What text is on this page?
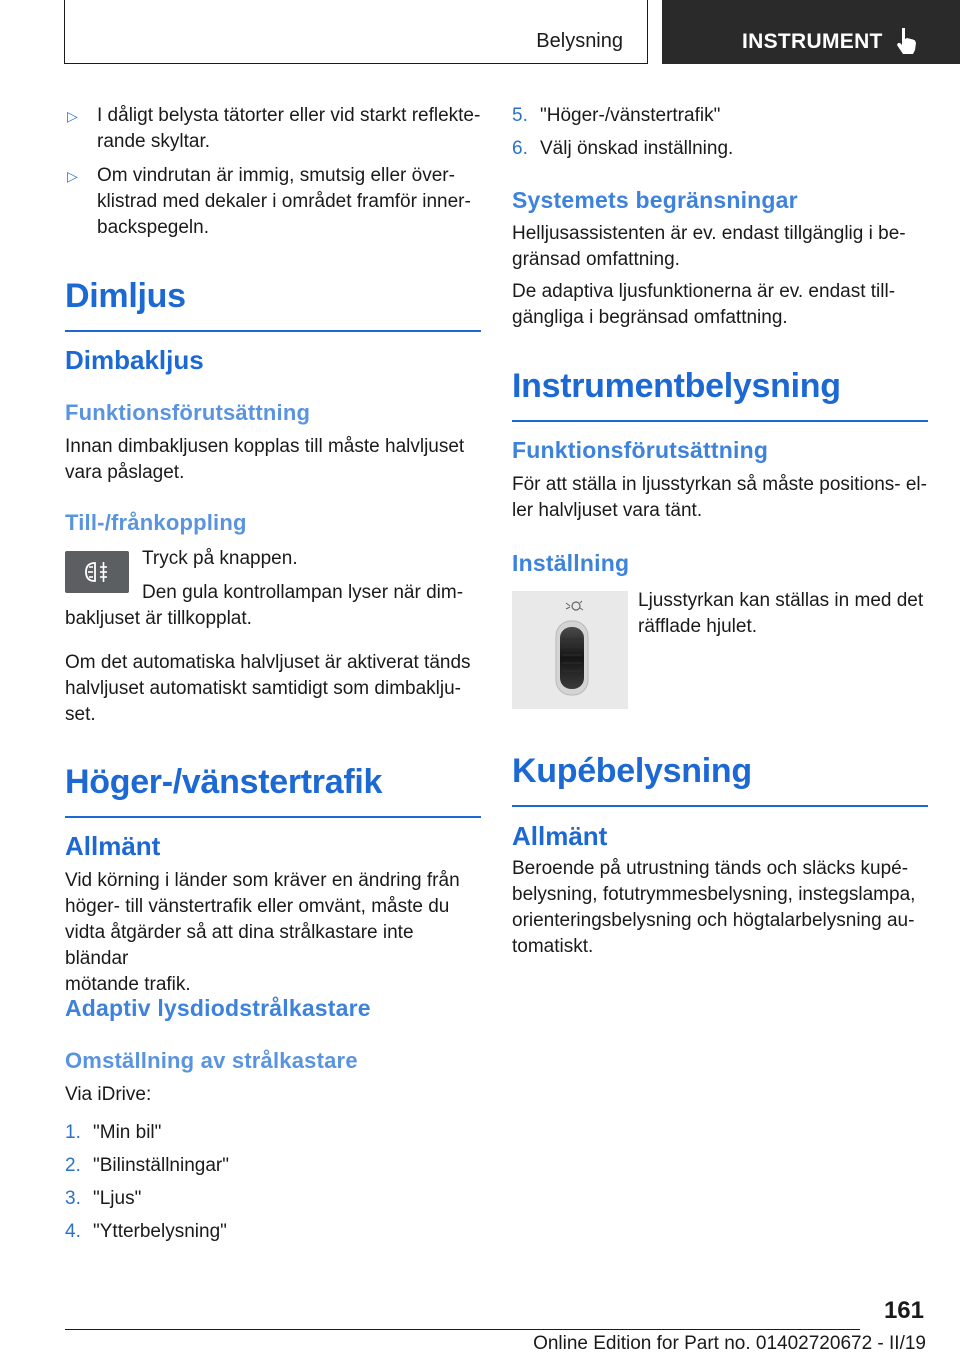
Belysning	INSTRUMENT
▷	I dåligt belysta tätorter eller vid starkt reflekte-
rande skyltar.
▷	Om vindrutan är immig, smutsig eller över-
klistrad med dekaler i området framför inner-
backspegeln.

Dimljus

Dimbakljus

Funktionsförutsättning

Innan dimbakljusen kopplas till måste halvljuset
vara påslaget.

Till-/frånkoppling

Tryck på knappen.

Den gula kontrollampan lyser när dim-

bakljuset är tillkopplat.

Om det automatiska halvljuset är aktiverat tänds
halvljuset automatiskt samtidigt som dimbaklju-
set.

Höger-/vänstertrafik

Allmänt

Vid körning i länder som kräver en ändring från
höger- till vänstertrafik eller omvänt, måste du
vidta åtgärder så att dina strålkastare inte bländar
mötande trafik.

Adaptiv lysdiodstrålkastare

Omställning av strålkastare

Via iDrive:

1. "Min bil"
2. "Bilinställningar"
3. "Ljus"
4. "Ytterbelysning"
5. "Höger-/vänstertrafik"
6. Välj önskad inställning.

Systemets begränsningar

Helljusassistenten är ev. endast tillgänglig i be-
gränsad omfattning.

De adaptiva ljusfunktionerna är ev. endast till-
gängliga i begränsad omfattning.

Instrumentbelysning

Funktionsförutsättning

För att ställa in ljusstyrkan så måste positions- el-
ler halvljuset vara tänt.

Inställning

Ljusstyrkan kan ställas in med det
räfflade hjulet.

Kupébelysning

Allmänt

Beroende på utrustning tänds och släcks kupé-
belysning, fotutrymmesbelysning, instegslampa,
orienteringsbelysning och högtalarbelysning au-
tomatiskt.

161
Online Edition for Part no. 01402720672 - II/19
